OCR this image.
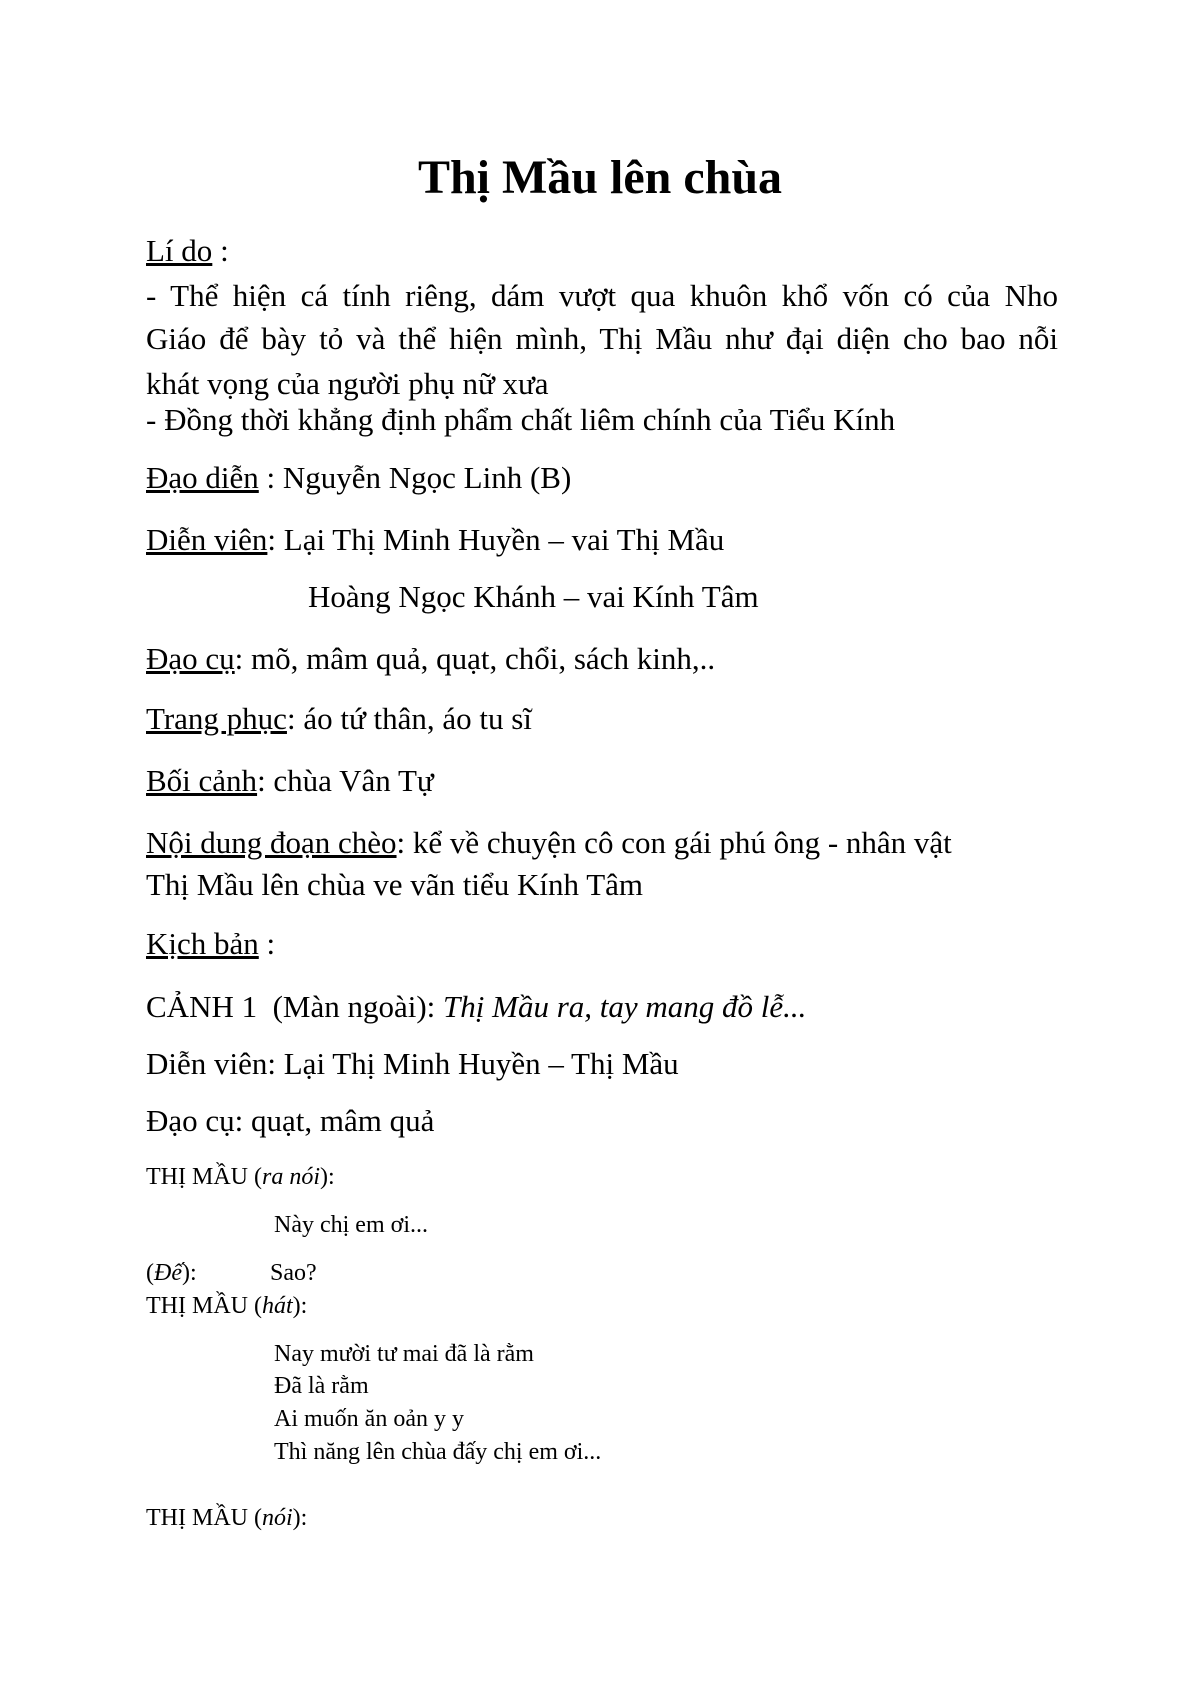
Thị Mầu lên chùa
Lí do :
- Thể hiện cá tính riêng, dám vượt qua khuôn khổ vốn có của Nho
Giáo để bày tỏ và thể hiện mình, Thị Mầu như đại diện cho bao nỗi
khát vọng của người phụ nữ xưa
- Đồng thời khẳng định phẩm chất liêm chính của Tiểu Kính
Đạo diễn : Nguyễn Ngọc Linh (B)
Diễn viên: Lại Thị Minh Huyền – vai Thị Mầu
Hoàng Ngọc Khánh – vai Kính Tâm
Đạo cụ: mõ, mâm quả, quạt, chổi, sách kinh,..
Trang phục: áo tứ thân, áo tu sĩ
Bối cảnh: chùa Vân Tự
Nội dung đoạn chèo: kể về chuyện cô con gái phú ông - nhân vật
Thị Mầu lên chùa ve vãn tiểu Kính Tâm
Kịch bản :
CẢNH 1  (Màn ngoài): Thị Mầu ra, tay mang đồ lễ...
Diễn viên: Lại Thị Minh Huyền – Thị Mầu
Đạo cụ: quạt, mâm quả
THỊ MẦU (ra nói):
Này chị em ơi...
(Đế):	Sao?
THỊ MẦU (hát):
Nay mười tư mai đã là rằm
Đã là rằm
Ai muốn ăn oản y y
Thì năng lên chùa đấy chị em ơi...
THỊ MẦU (nói):
